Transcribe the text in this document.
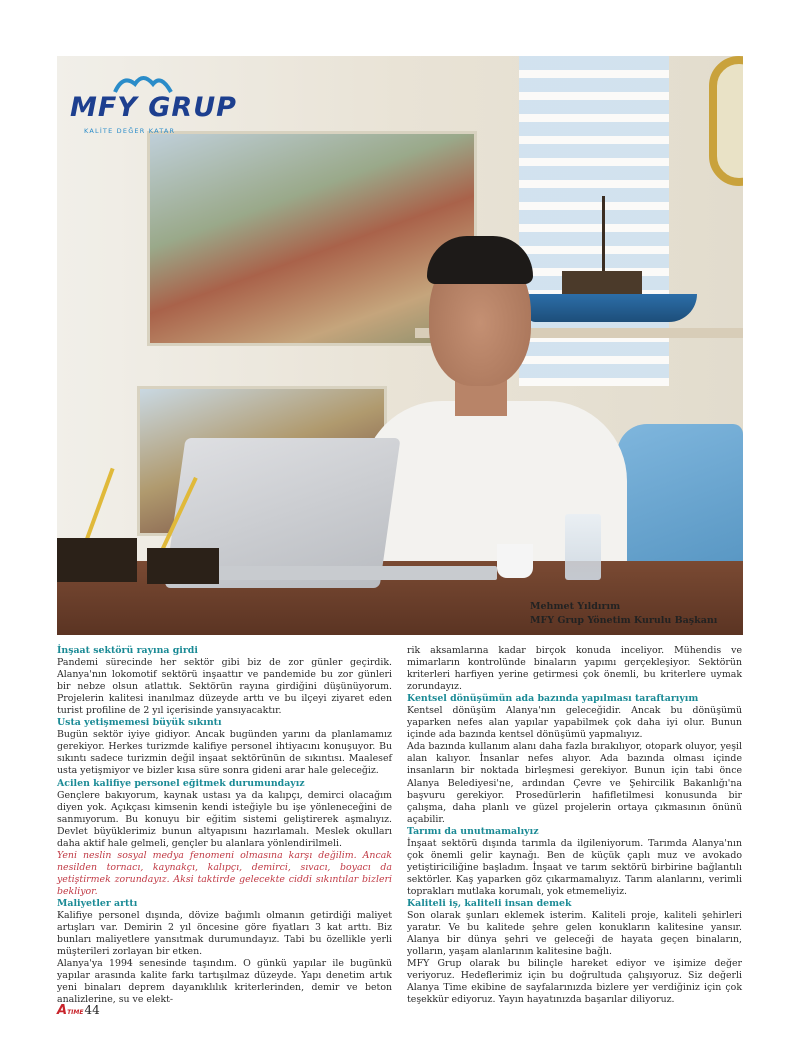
MFY GRUP
KALİTE DEĞER KATAR
Mehmet Yıldırım
MFY Grup Yönetim Kurulu Başkanı

İnşaat sektörü rayına girdi

Pandemi sürecinde her sektör gibi biz de zor günler geçirdik. Alanya'nın lokomotif sektörü inşaattır ve pandemide bu zor günleri bir nebze olsun atlattık. Sektörün rayına girdiğini düşünüyorum. Projelerin kalitesi inanılmaz düzeyde arttı ve bu ilçeyi ziyaret eden turist profiline de 2 yıl içerisinde yansıyacaktır.

Usta yetişmemesi büyük sıkıntı

Bugün sektör iyiye gidiyor. Ancak bugünden yarını da planlamamız gerekiyor. Herkes turizmde kalifiye personel ihtiyacını konuşuyor. Bu sıkıntı sadece turizmin değil inşaat sektörünün de sıkıntısı. Maalesef usta yetişmiyor ve bizler kısa süre sonra gideni arar hale geleceğiz.

Acilen kalifiye personel eğitmek durumundayız

Gençlere bakıyorum, kaynak ustası ya da kalıpçı, demirci olacağım diyen yok. Açıkçası kimsenin kendi isteğiyle bu işe yönleneceğini de sanmıyorum. Bu konuyu bir eğitim sistemi geliştirerek aşmalıyız. Devlet büyüklerimiz bunun altyapısını hazırlamalı. Meslek okulları daha aktif hale gelmeli, gençler bu alanlara yönlendirilmeli.

Yeni neslin sosyal medya fenomeni olmasına karşı değilim. Ancak nesilden tornacı, kaynakçı, kalıpçı, demirci, sıvacı, boyacı da yetiştirmek zorundayız. Aksi taktirde gelecekte ciddi sıkıntılar bizleri bekliyor.

Maliyetler arttı

Kalifiye personel dışında, dövize bağımlı olmanın getirdiği maliyet artışları var. Demirin 2 yıl öncesine göre fiyatları 3 kat arttı. Biz bunları maliyetlere yansıtmak durumundayız. Tabi bu özellikle yerli müşterileri zorlayan bir etken.

Alanya'ya 1994 senesinde taşındım. O günkü yapılar ile bugünkü yapılar arasında kalite farkı tartışılmaz düzeyde. Yapı denetim artık yeni binaları deprem dayanıklılık kriterlerinden, demir ve beton analizlerine, su ve elekt-

rik aksamlarına kadar birçok konuda inceliyor. Mühendis ve mimarların kontrolünde binaların yapımı gerçekleşiyor. Sektörün kriterleri harfiyen yerine getirmesi çok önemli, bu kriterlere uymak zorundayız.

Kentsel dönüşümün ada bazında yapılması taraftarıyım

Kentsel dönüşüm Alanya'nın geleceğidir. Ancak bu dönüşümü yaparken nefes alan yapılar yapabilmek çok daha iyi olur. Bunun içinde ada bazında kentsel dönüşümü yapmalıyız.

Ada bazında kullanım alanı daha fazla bırakılıyor, otopark oluyor, yeşil alan kalıyor. İnsanlar nefes alıyor. Ada bazında olması içinde insanların bir noktada birleşmesi gerekiyor. Bunun için tabi önce Alanya Belediyesi'ne, ardından Çevre ve Şehircilik Bakanlığı'na başvuru gerekiyor. Prosedürlerin hafifletilmesi konusunda bir çalışma, daha planlı ve güzel projelerin ortaya çıkmasının önünü açabilir.

Tarımı da unutmamalıyız

İnşaat sektörü dışında tarımla da ilgileniyorum. Tarımda Alanya'nın çok önemli gelir kaynağı. Ben de küçük çaplı muz ve avokado yetiştiriciliğine başladım. İnşaat ve tarım sektörü birbirine bağlantılı sektörler. Kaş yaparken göz çıkarmamalıyız. Tarım alanlarını, verimli toprakları mutlaka korumalı, yok etmemeliyiz.

Kaliteli iş, kaliteli insan demek

Son olarak şunları eklemek isterim. Kaliteli proje, kaliteli şehirleri yaratır. Ve bu kalitede şehre gelen konukların kalitesine yansır. Alanya bir dünya şehri ve geleceği de hayata geçen binaların, yolların, yaşam alanlarının kalitesine bağlı.

MFY Grup olarak bu bilinçle hareket ediyor ve işimize değer veriyoruz. Hedeflerimiz için bu doğrultuda çalışıyoruz. Siz değerli Alanya Time ekibine de sayfalarınızda bizlere yer verdiğiniz için çok teşekkür ediyoruz. Yayın hayatınızda başarılar diliyoruz.

ATIME 44
